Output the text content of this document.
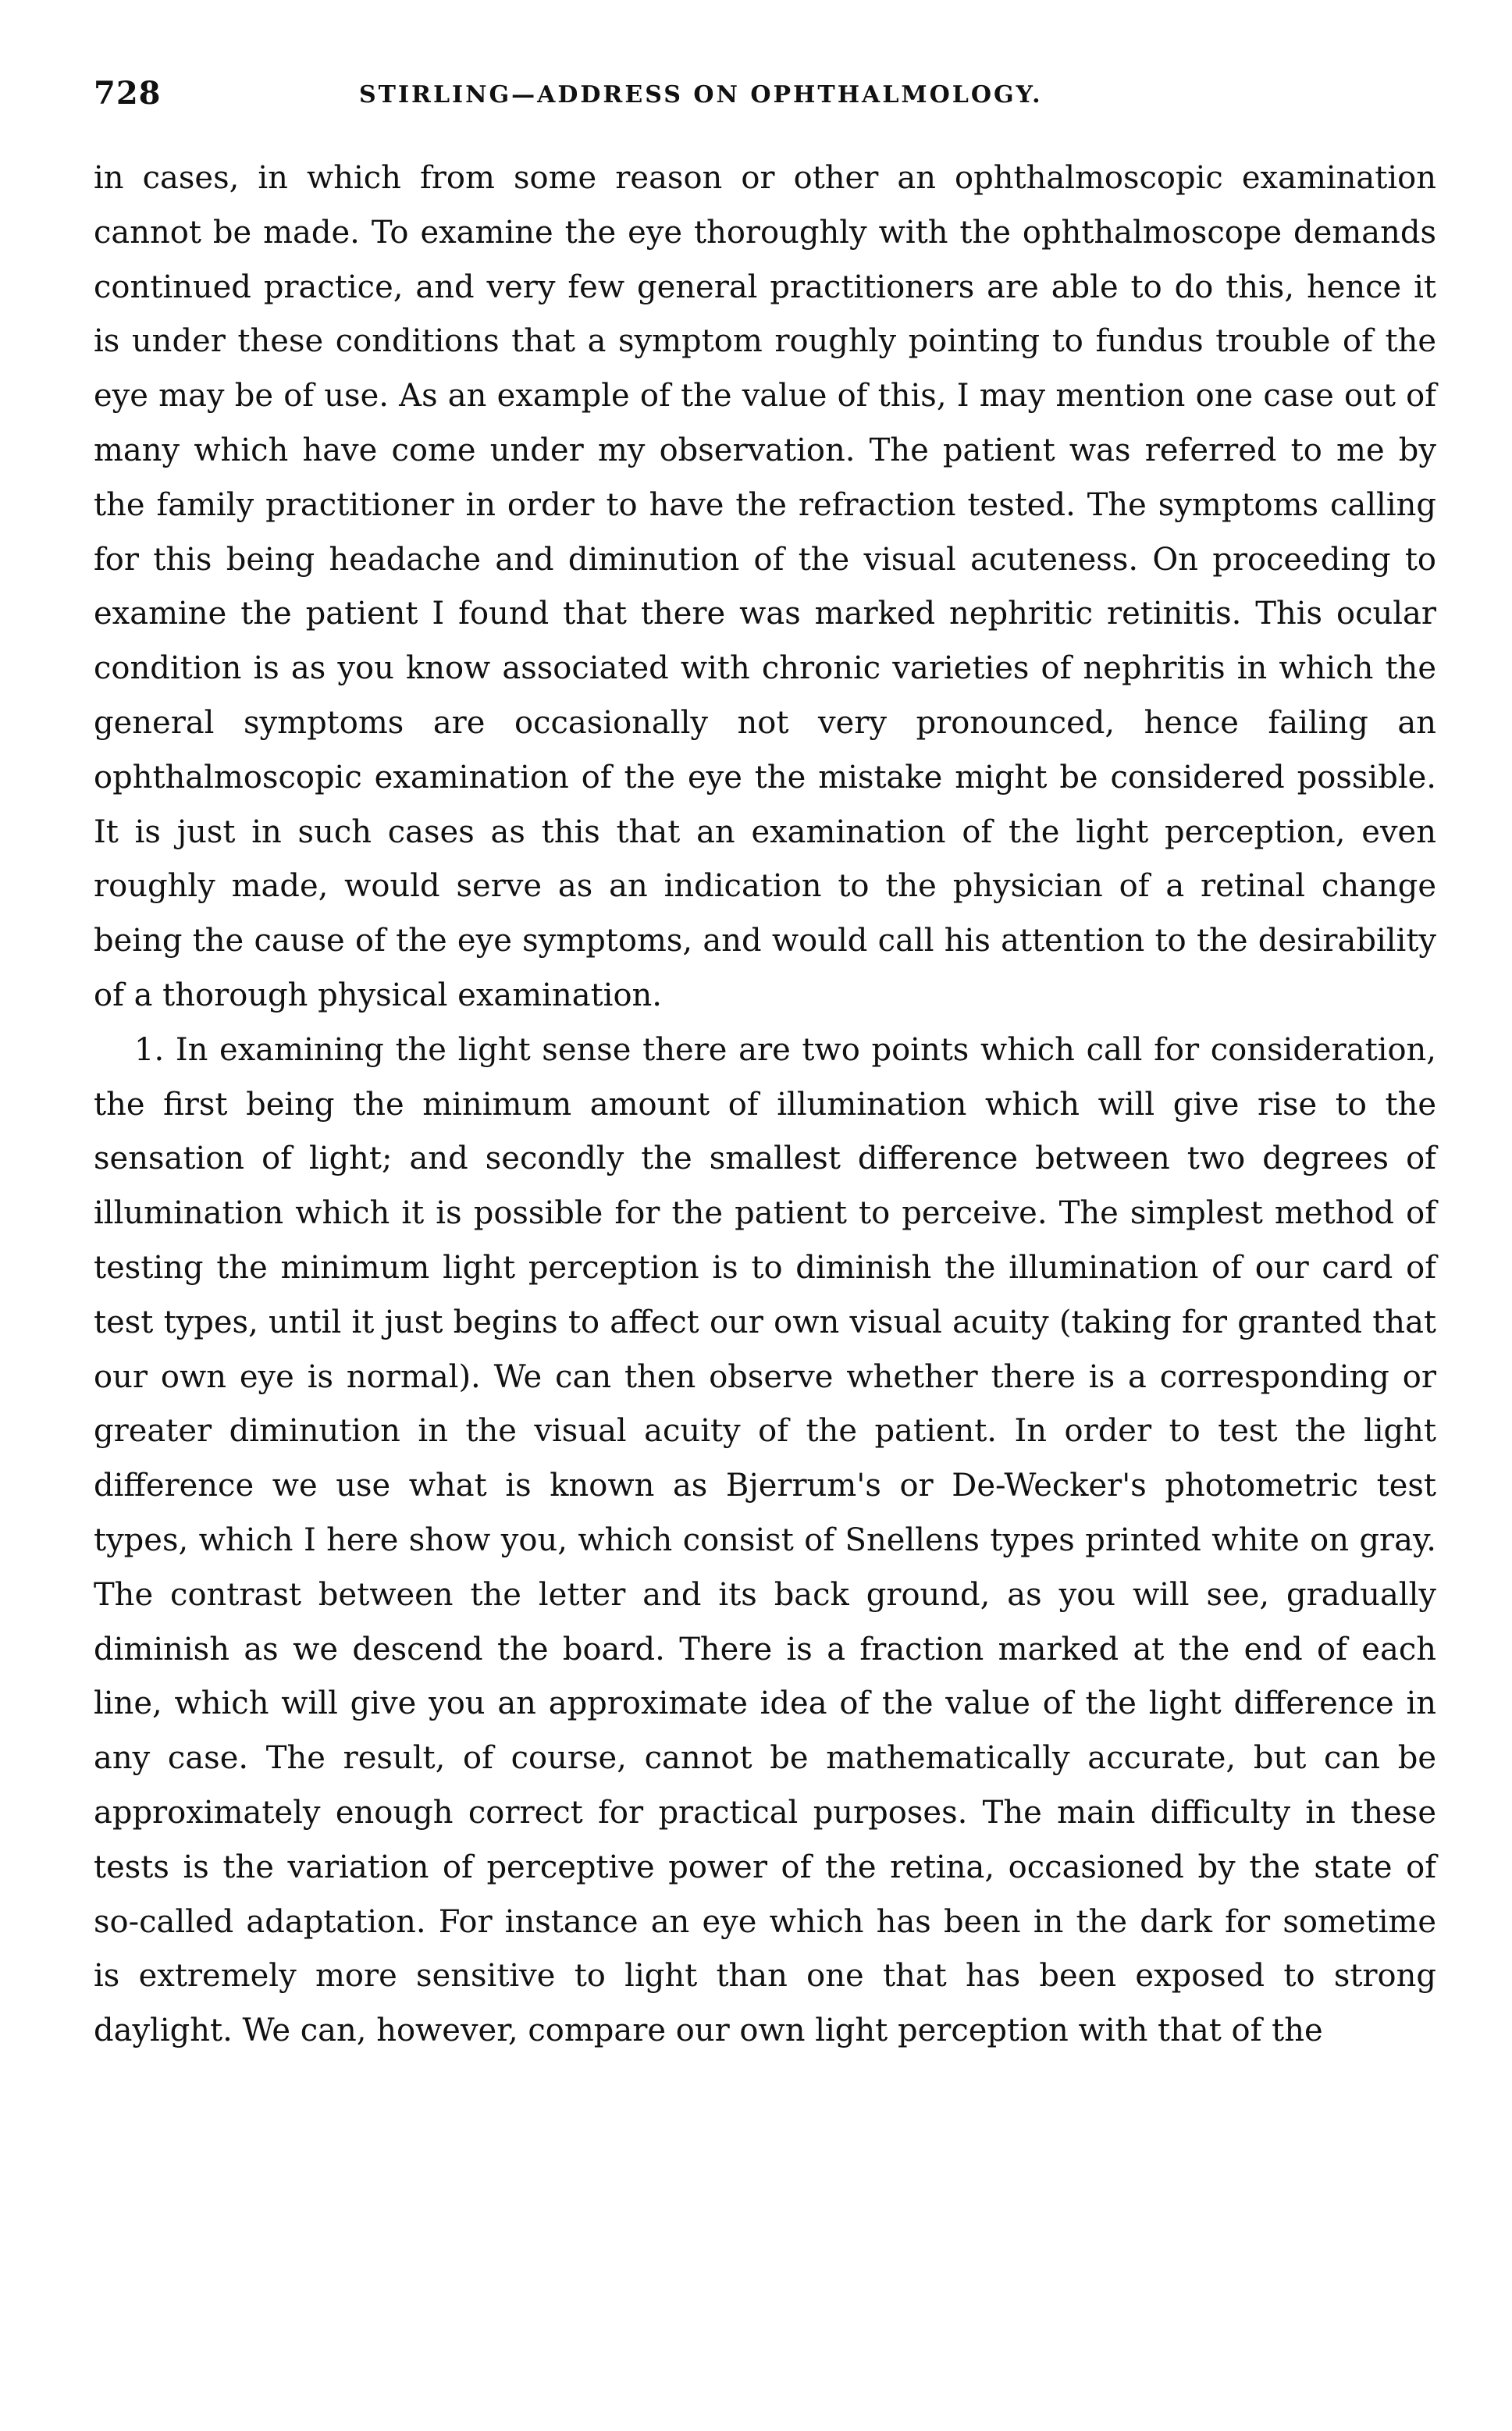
728	STIRLING—ADDRESS ON OPHTHALMOLOGY.

in cases, in which from some reason or other an ophthalmoscopic examination cannot be made. To examine the eye thoroughly with the ophthalmoscope demands continued practice, and very few general practitioners are able to do this, hence it is under these conditions that a symptom roughly pointing to fundus trouble of the eye may be of use. As an example of the value of this, I may mention one case out of many which have come under my observation. The patient was referred to me by the family practitioner in order to have the refraction tested. The symptoms calling for this being headache and diminution of the visual acuteness. On proceeding to examine the patient I found that there was marked nephritic retinitis. This ocular condition is as you know associated with chronic varieties of nephritis in which the general symptoms are occasionally not very pronounced, hence failing an ophthalmoscopic examination of the eye the mistake might be considered possible. It is just in such cases as this that an examination of the light perception, even roughly made, would serve as an indication to the physician of a retinal change being the cause of the eye symptoms, and would call his attention to the desirability of a thorough physical examination.

1. In examining the light sense there are two points which call for consideration, the first being the minimum amount of illumination which will give rise to the sensation of light; and secondly the smallest difference between two degrees of illumination which it is possible for the patient to perceive. The simplest method of testing the minimum light perception is to diminish the illumination of our card of test types, until it just begins to affect our own visual acuity (taking for granted that our own eye is normal). We can then observe whether there is a corresponding or greater diminution in the visual acuity of the patient. In order to test the light difference we use what is known as Bjerrum's or De-Wecker's photometric test types, which I here show you, which consist of Snellens types printed white on gray. The contrast between the letter and its back ground, as you will see, gradually diminish as we descend the board. There is a fraction marked at the end of each line, which will give you an approximate idea of the value of the light difference in any case. The result, of course, cannot be mathematically accurate, but can be approximately enough correct for practical purposes. The main difficulty in these tests is the variation of perceptive power of the retina, occasioned by the state of so-called adaptation. For instance an eye which has been in the dark for sometime is extremely more sensitive to light than one that has been exposed to strong daylight. We can, however, compare our own light perception with that of the
